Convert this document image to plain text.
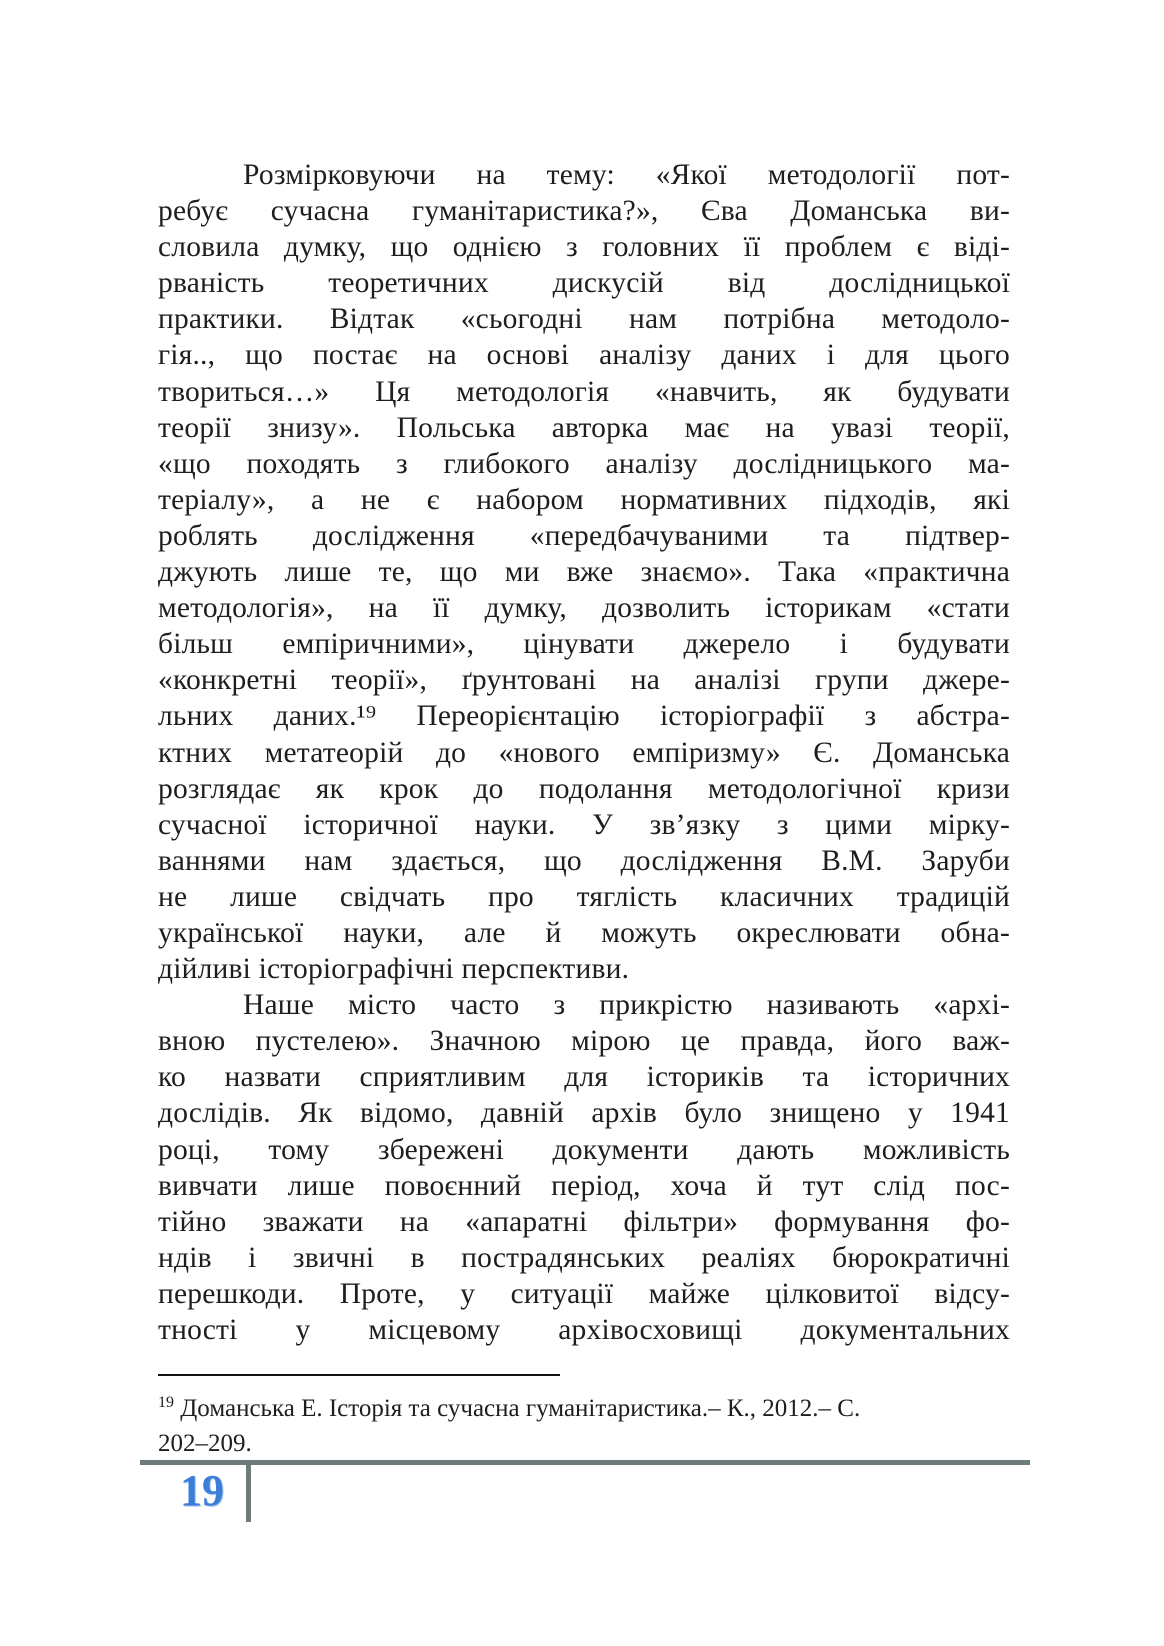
Розмірковуючи на тему: «Якої методології пот-
ребує сучасна гуманітаристика?», Єва Доманська ви-
словила думку, що однією з головних її проблем є віді-
рваність теоретичних дискусій від дослідницької
практики. Відтак «сьогодні нам потрібна методоло-
гія.., що постає на основі аналізу даних і для цього
твориться…» Ця методологія «навчить, як будувати
теорії знизу». Польська авторка має на увазі теорії,
«що походять з глибокого аналізу дослідницького ма-
теріалу», а не є набором нормативних підходів, які
роблять дослідження «передбачуваними та підтвер-
джують лише те, що ми вже знаємо». Така «практична
методологія», на її думку, дозволить історикам «стати
більш емпіричними», цінувати джерело і будувати
«конкретні теорії», ґрунтовані на аналізі групи джере-
льних даних.¹⁹ Переорієнтацію історіографії з абстра-
ктних метатеорій до «нового емпіризму» Є. Доманська
розглядає як крок до подолання методологічної кризи
сучасної історичної науки. У зв’язку з цими мірку-
ваннями нам здається, що дослідження В.М. Заруби
не лише свідчать про тяглість класичних традицій
української науки, але й можуть окреслювати обна-
дійливі історіографічні перспективи.
Наше місто часто з прикрістю називають «архі-
вною пустелею». Значною мірою це правда, його важ-
ко назвати сприятливим для істориків та історичних
дослідів. Як відомо, давній архів було знищено у 1941
році, тому збережені документи дають можливість
вивчати лише повоєнний період, хоча й тут слід пос-
тійно зважати на «апаратні фільтри» формування фо-
ндів і звичні в пострадянських реаліях бюрократичні
перешкоди. Проте, у ситуації майже цілковитої відсу-
тності у місцевому архівосховищі документальних
$^{19}$ Доманська Е. Історія та сучасна гуманітаристика.– К., 2012.– С.
202–209.
19
